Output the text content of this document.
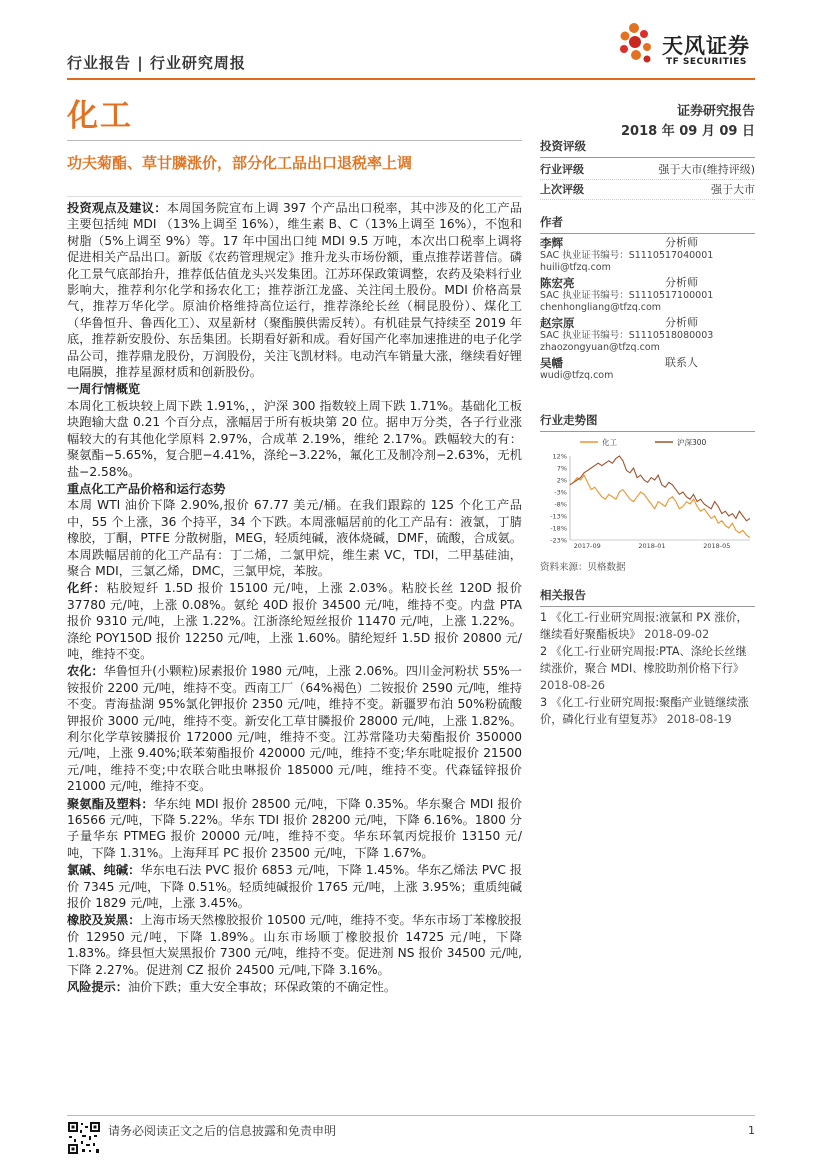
行业报告 | 行业研究周报
天风证券
TF SECURITIES
化工	证券研究报告
2018 年 09 月 09 日
功夫菊酯、草甘膦涨价，部分化工品出口退税率上调

投资观点及建议：本周国务院宣布上调 397 个产品出口税率，其中涉及的化工产品主要包括纯 MDI （13%上调至 16%），维生素 B、C（13%上调至 16%），不饱和树脂（5%上调至 9%）等。17 年中国出口纯 MDI 9.5 万吨，本次出口税率上调将促进相关产品出口。新版《农药管理规定》推升龙头市场份额，重点推荐诺普信。磷化工景气底部抬升，推荐低估值龙头兴发集团。江苏环保政策调整，农药及染料行业影响大，推荐利尔化学和扬农化工；推荐浙江龙盛、关注闰土股份。MDI 价格高景气，推荐万华化学。原油价格维持高位运行，推荐涤纶长丝（桐昆股份）、煤化工（华鲁恒升、鲁西化工）、双星新材（聚酯膜供需反转）。有机硅景气持续至 2019 年底，推荐新安股份、东岳集团。长期看好新和成。看好国产化率加速推进的电子化学品公司，推荐鼎龙股份，万润股份，关注飞凯材料。电动汽车销量大涨，继续看好锂电隔膜，推荐星源材质和创新股份。

一周行情概览

本周化工板块较上周下跌 1.91%，，沪深 300 指数较上周下跌 1.71%。基础化工板块跑输大盘 0.21 个百分点，涨幅居于所有板块第 20 位。据申万分类，各子行业涨幅较大的有其他化学原料 2.97%，合成革 2.19%，维纶 2.17%。跌幅较大的有：聚氨酯−5.65%，复合肥−4.41%，涤纶−3.22%，氟化工及制冷剂−2.63%，无机盐−2.58%。

重点化工产品价格和运行态势

本周 WTI 油价下降 2.90%,报价 67.77 美元/桶。在我们跟踪的 125 个化工产品中，55 个上涨，36 个持平，34 个下跌。本周涨幅居前的化工产品有：液氯，丁腈橡胶，丁酮，PTFE 分散树脂，MEG，轻质纯碱，液体烧碱，DMF，硫酸，合成氨。本周跌幅居前的化工产品有：丁二烯，二氯甲烷，维生素 VC，TDI，二甲基硅油，聚合 MDI，三氯乙烯，DMC，三氯甲烷，苯胺。

化纤：粘胶短纤 1.5D 报价 15100 元/吨，上涨 2.03%。粘胶长丝 120D 报价 37780 元/吨，上涨 0.08%。氨纶 40D 报价 34500 元/吨，维持不变。内盘 PTA 报价 9310 元/吨，上涨 1.22%。江浙涤纶短丝报价 11470 元/吨，上涨 1.22%。涤纶 POY150D 报价 12250 元/吨，上涨 1.60%。腈纶短纤 1.5D 报价 20800 元/吨，维持不变。

农化：华鲁恒升(小颗粒)尿素报价 1980 元/吨，上涨 2.06%。四川金河粉状 55%一铵报价 2200 元/吨，维持不变。西南工厂（64%褐色）二铵报价 2590 元/吨，维持不变。青海盐湖 95%氯化钾报价 2350 元/吨，维持不变。新疆罗布泊 50%粉硫酸钾报价 3000 元/吨，维持不变。新安化工草甘膦报价 28000 元/吨，上涨 1.82%。利尔化学草铵膦报价 172000 元/吨，维持不变。江苏常隆功夫菊酯报价 350000 元/吨，上涨 9.40%;联苯菊酯报价 420000 元/吨，维持不变;华东吡啶报价 21500 元/吨，维持不变;中农联合吡虫啉报价 185000 元/吨，维持不变。代森锰锌报价 21000 元/吨，维持不变。

聚氨酯及塑料：华东纯 MDI 报价 28500 元/吨，下降 0.35%。华东聚合 MDI 报价 16566 元/吨，下降 5.22%。华东 TDI 报价 28200 元/吨，下降 6.16%。1800 分子量华东 PTMEG 报价 20000 元/吨，维持不变。华东环氧丙烷报价 13150 元/吨，下降 1.31%。上海拜耳 PC 报价 23500 元/吨，下降 1.67%。

氯碱、纯碱：华东电石法 PVC 报价 6853 元/吨，下降 1.45%。华东乙烯法 PVC 报价 7345 元/吨，下降 0.51%。轻质纯碱报价 1765 元/吨，上涨 3.95%；重质纯碱报价 1829 元/吨，上涨 3.45%。

橡胶及炭黑：上海市场天然橡胶报价 10500 元/吨，维持不变。华东市场丁苯橡胶报价 12950 元/吨，下降 1.89%。山东市场顺丁橡胶报价 14725 元/吨，下降 1.83%。绛县恒大炭黑报价 7300 元/吨，维持不变。促进剂 NS 报价 34500 元/吨,下降 2.27%。促进剂 CZ 报价 24500 元/吨,下降 3.16%。

风险提示：油价下跌；重大安全事故；环保政策的不确定性。

投资评级
行业评级	强于大市(维持评级)
上次评级	强于大市
作者
李辉	分析师
SAC 执业证书编号：S1110517040001
huili@tfzq.com
陈宏亮	分析师
SAC 执业证书编号：S1110517100001
chenhongliang@tfzq.com
赵宗原	分析师
SAC 执业证书编号：S1110518080003
zhaozongyuan@tfzq.com
吴幡	联系人
wudi@tfzq.com
行业走势图
12%
7%
2%
-3%
-8%
-13%
-18%
-23%
2017-09	2018-01	2018-05
化工	沪深300
资料来源：贝格数据
相关报告
1 《化工-行业研究周报:液氯和 PX 涨价，继续看好聚酯板块》 2018-09-02
2 《化工-行业研究周报:PTA、涤纶长丝继续涨价，聚合 MDI、橡胶助剂价格下行》 2018-08-26
3 《化工-行业研究周报:聚酯产业链继续涨价，磷化行业有望复苏》 2018-08-19
请务必阅读正文之后的信息披露和免责申明	1
